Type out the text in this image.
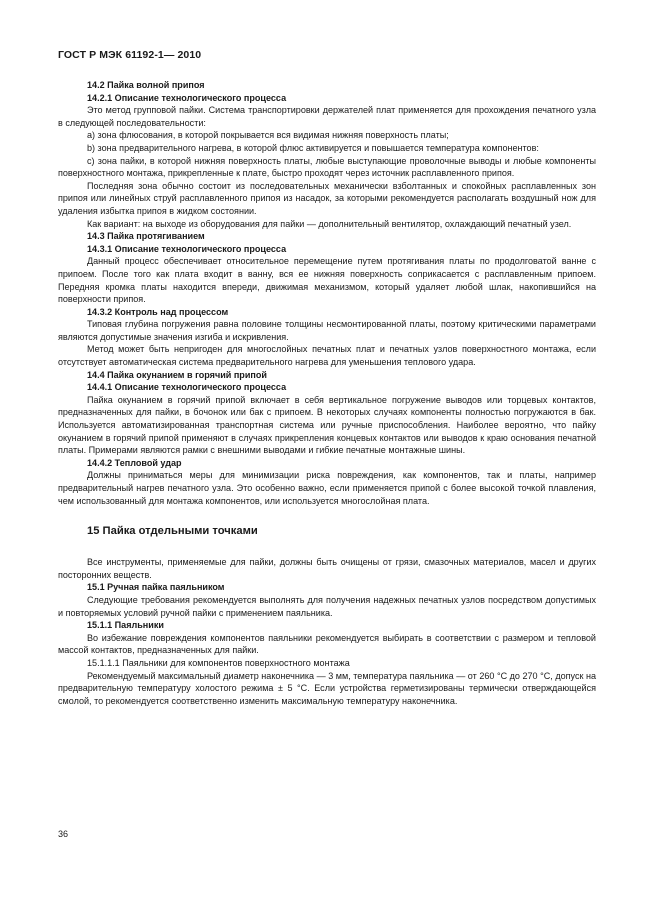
ГОСТ Р МЭК 61192-1— 2010

14.2 Пайка волной припоя

14.2.1 Описание технологического процесса

Это метод групповой пайки. Система транспортировки держателей плат применяется для прохождения печатного узла в следующей последовательности:

а) зона флюсования, в которой покрывается вся видимая нижняя поверхность платы;

b) зона предварительного нагрева, в которой флюс активируется и повышается температура компонентов:

с) зона пайки, в которой нижняя поверхность платы, любые выступающие проволочные выводы и любые компоненты поверхностного монтажа, прикрепленные к плате, быстро проходят через источник расплавленного припоя.

Последняя зона обычно состоит из последовательных механически взболтанных и спокойных расплавленных зон припоя или линейных струй расплавленного припоя из насадок, за которыми рекомендуется располагать воздушный нож для удаления избытка припоя в жидком состоянии.

Как вариант: на выходе из оборудования для пайки — дополнительный вентилятор, охлаждающий печатный узел.

14.3 Пайка протягиванием

14.3.1 Описание технологического процесса

Данный процесс обеспечивает относительное перемещение путем протягивания платы по продолговатой ванне с припоем. После того как плата входит в ванну, вся ее нижняя поверхность соприкасается с расплавленным припоем. Передняя кромка платы находится впереди, движимая механизмом, который удаляет любой шлак, накопившийся на поверхности припоя.

14.3.2 Контроль над процессом

Типовая глубина погружения равна половине толщины несмонтированной платы, поэтому критическими параметрами являются допустимые значения изгиба и искривления.

Метод может быть непригоден для многослойных печатных плат и печатных узлов поверхностного монтажа, если отсутствует автоматическая система предварительного нагрева для уменьшения теплового удара.

14.4 Пайка окунанием в горячий припой

14.4.1 Описание технологического процесса

Пайка окунанием в горячий припой включает в себя вертикальное погружение выводов или торцевых контактов, предназначенных для пайки, в бочонок или бак с припоем. В некоторых случаях компоненты полностью погружаются в бак. Используется автоматизированная транспортная система или ручные приспособления. Наиболее вероятно, что пайку окунанием в горячий припой применяют в случаях прикрепления концевых контактов или выводов к краю основания печатной платы. Примерами являются рамки с внешними выводами и гибкие печатные монтажные шины.

14.4.2 Тепловой удар

Должны приниматься меры для минимизации риска повреждения, как компонентов, так и платы, например предварительный нагрев печатного узла. Это особенно важно, если применяется припой с более высокой точкой плавления, чем использованный для монтажа компонентов, или используется многослойная плата.

15 Пайка отдельными точками

Все инструменты, применяемые для пайки, должны быть очищены от грязи, смазочных материалов, масел и других посторонних веществ.

15.1 Ручная пайка паяльником

Следующие требования рекомендуется выполнять для получения надежных печатных узлов посредством допустимых и повторяемых условий ручной пайки с применением паяльника.

15.1.1 Паяльники

Во избежание повреждения компонентов паяльники рекомендуется выбирать в соответствии с размером и тепловой массой контактов, предназначенных для пайки.

15.1.1.1 Паяльники для компонентов поверхностного монтажа

Рекомендуемый максимальный диаметр наконечника — 3 мм, температура паяльника — от 260 °С до 270 °С, допуск на предварительную температуру холостого режима ± 5 °С. Если устройства герметизированы термически отверждающейся смолой, то рекомендуется соответственно изменить максимальную температуру наконечника.

36
